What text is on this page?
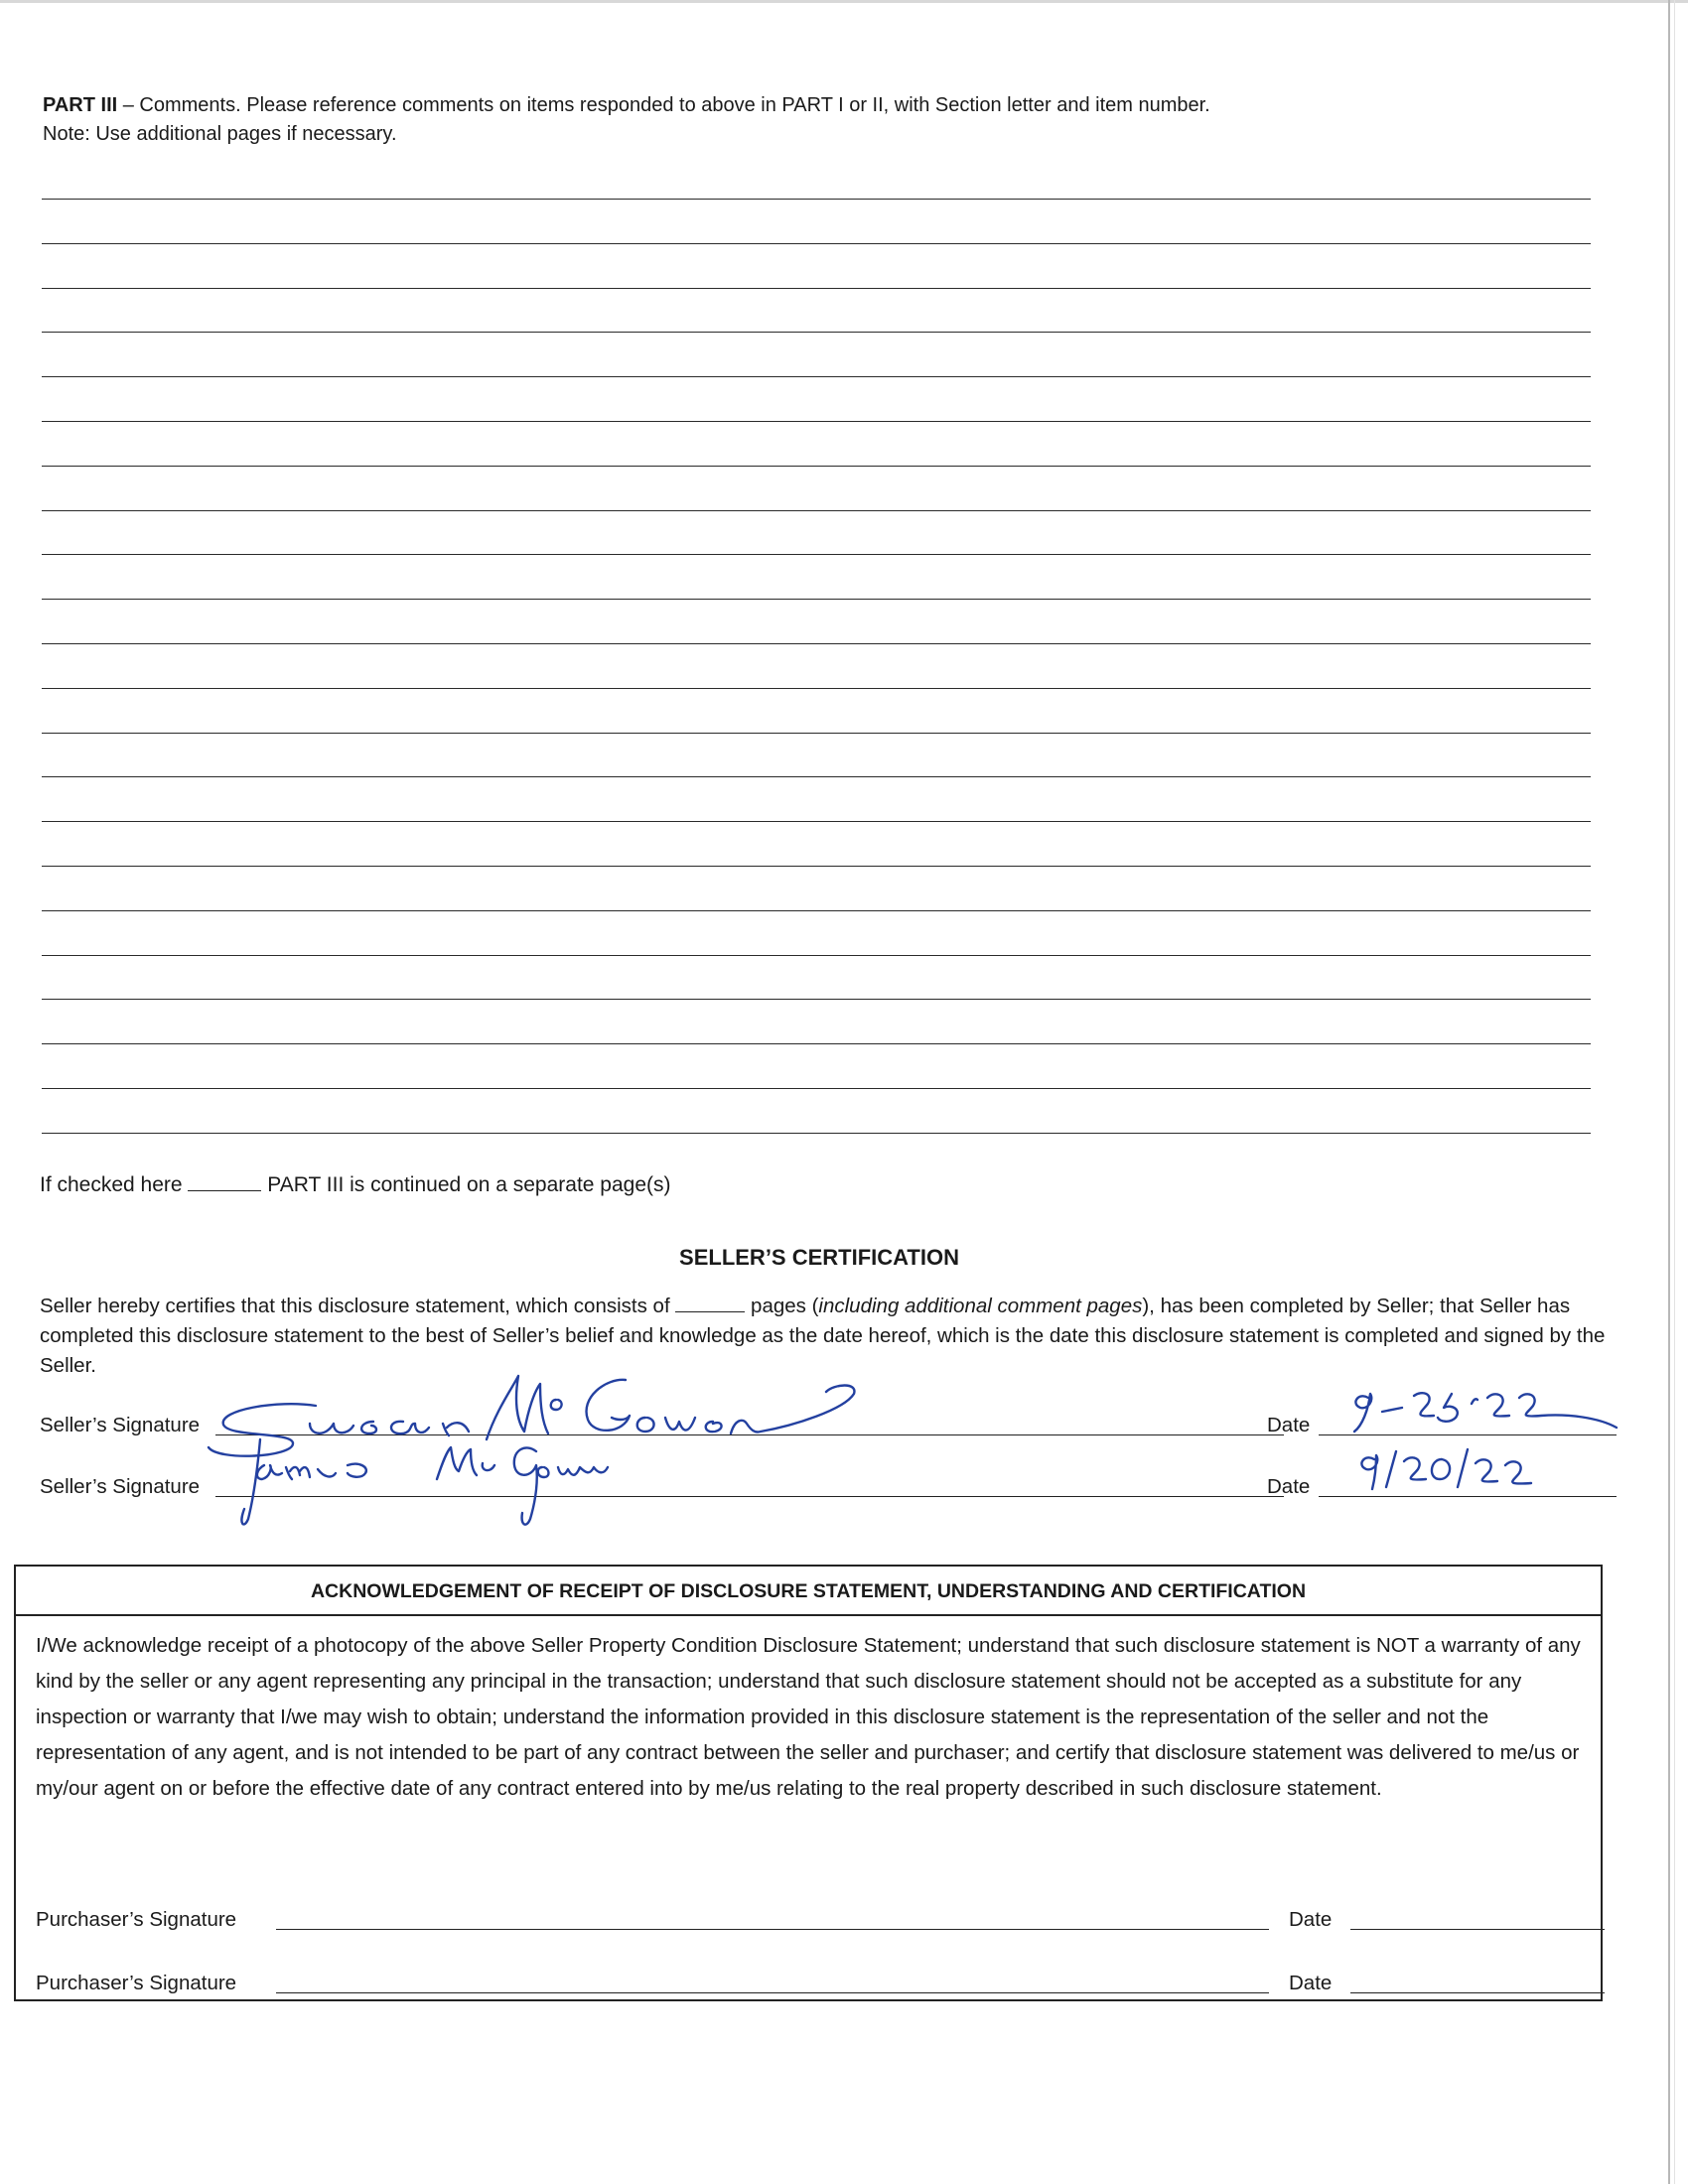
PART III – Comments. Please reference comments on items responded to above in PART I or II, with Section letter and item number.
Note: Use additional pages if necessary.
If checked here	PART III is continued on a separate page(s)
SELLER’S CERTIFICATION
Seller hereby certifies that this disclosure statement, which consists of	pages (including additional comment pages), has been completed by Seller; that Seller has completed this disclosure statement to the best of Seller’s belief and knowledge as the date hereof, which is the date this disclosure statement is completed and signed by the Seller.
Seller’s Signature	Date
Seller’s Signature	Date
ACKNOWLEDGEMENT OF RECEIPT OF DISCLOSURE STATEMENT, UNDERSTANDING AND CERTIFICATION
I/We acknowledge receipt of a photocopy of the above Seller Property Condition Disclosure Statement; understand that such disclosure statement is NOT a warranty of any kind by the seller or any agent representing any principal in the transaction; understand that such disclosure statement should not be accepted as a substitute for any inspection or warranty that I/we may wish to obtain; understand the information provided in this disclosure statement is the representation of the seller and not the representation of any agent, and is not intended to be part of any contract between the seller and purchaser; and certify that disclosure statement was delivered to me/us or my/our agent on or before the effective date of any contract entered into by me/us relating to the real property described in such disclosure statement.
Purchaser’s Signature	Date
Purchaser’s Signature	Date
